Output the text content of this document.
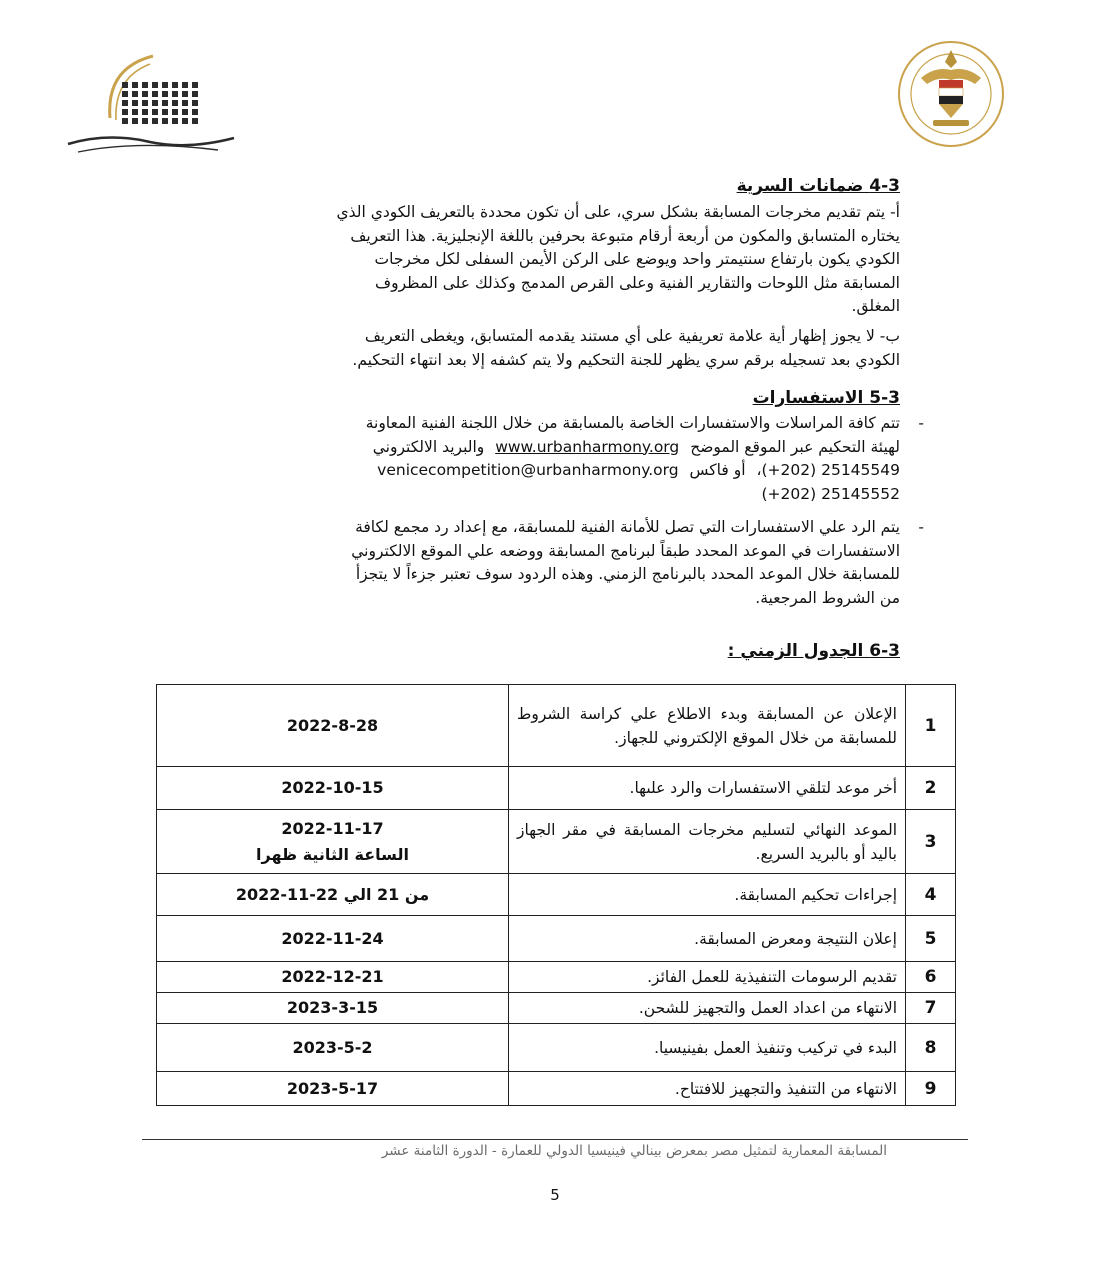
4-3 ضمانات السرية
أ- يتم تقديم مخرجات المسابقة بشكل سري، على أن تكون محددة بالتعريف الكودي الذي
يختاره المتسابق والمكون من أربعة أرقام متبوعة بحرفين باللغة الإنجليزية. هذا التعريف
الكودي يكون بارتفاع سنتيمتر واحد ويوضع على الركن الأيمن السفلى لكل مخرجات
المسابقة مثل اللوحات والتقارير الفنية وعلى القرص المدمج وكذلك على المظروف
المغلق.
ب- لا يجوز إظهار أية علامة تعريفية على أي مستند يقدمه المتسابق، ويغطى التعريف
الكودي بعد تسجيله برقم سري يظهر للجنة التحكيم ولا يتم كشفه إلا بعد انتهاء التحكيم.
5-3 الاستفسارات
-
تتم كافة المراسلات والاستفسارات الخاصة بالمسابقة من خلال اللجنة الفنية المعاونة
لهيئة التحكيم عبر الموقع الموضح www.urbanharmony.org والبريد الالكتروني
(+202) 25145549، أو فاكس venicecompetition@urbanharmony.org
(+202) 25145552
-
يتم الرد علي الاستفسارات التي تصل للأمانة الفنية للمسابقة، مع إعداد رد مجمع لكافة
الاستفسارات في الموعد المحدد طبقاً لبرنامج المسابقة ووضعه علي الموقع الالكتروني
للمسابقة خلال الموعد المحدد بالبرنامج الزمني. وهذه الردود سوف تعتبر جزءاً لا يتجزأ
من الشروط المرجعية.
6-3 الجدول الزمني :
2022-8-28	الإعلان عن المسابقة وبدء الاطلاع علي كراسة الشروط للمسابقة من خلال الموقع الإلكتروني للجهاز.	1

2022-10-15	أخر موعد لتلقي الاستفسارات والرد علىها.	2

2022-11-17
الساعة الثانية ظهرا	الموعد النهائي لتسليم مخرجات المسابقة في مقر الجهاز باليد أو بالبريد السريع.	3

من 21 الي 22-11-2022	إجراءات تحكيم المسابقة.	4

2022-11-24	إعلان النتيجة ومعرض المسابقة.	5

2022-12-21	تقديم الرسومات التنفيذية للعمل الفائز.	6

2023-3-15	الانتهاء من اعداد العمل والتجهيز للشحن.	7

2023-5-2	البدء في تركيب وتنفيذ العمل بفينيسيا.	8

2023-5-17	الانتهاء من التنفيذ والتجهيز للافتتاح.	9
المسابقة المعمارية لتمثيل مصر بمعرض بينالي فينيسيا الدولي للعمارة - الدورة الثامنة عشر
5
